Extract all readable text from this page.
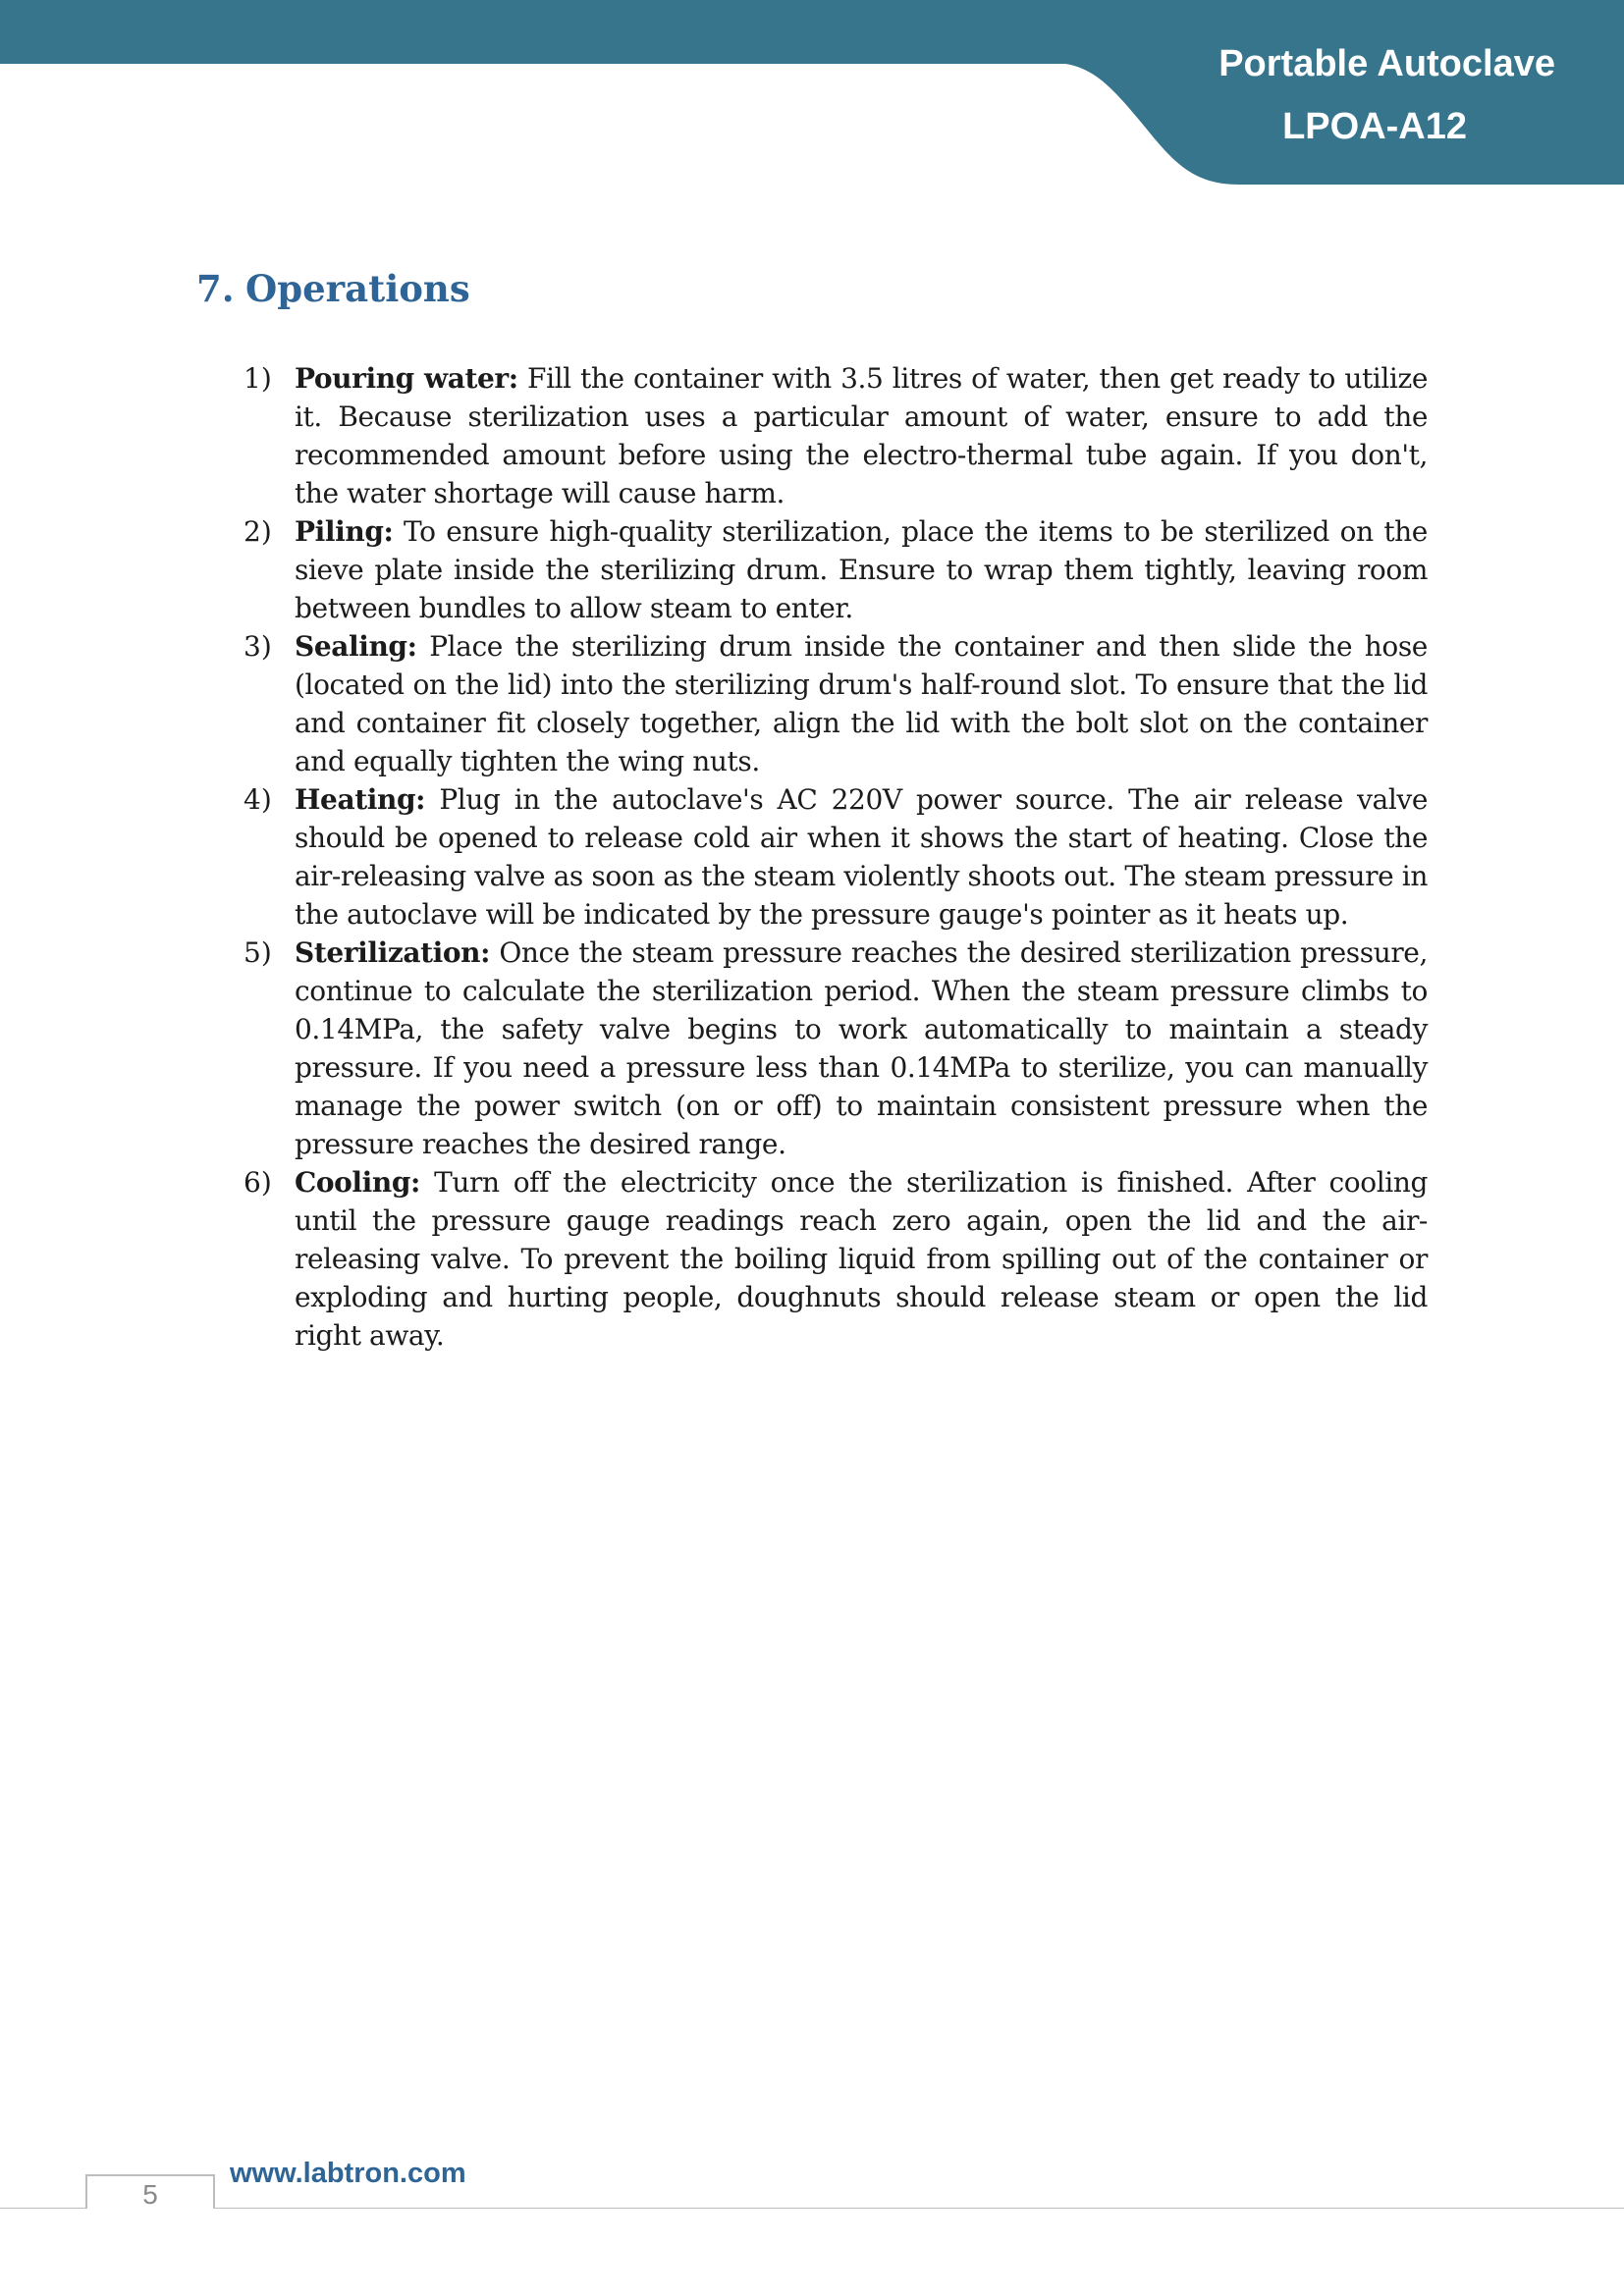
Portable Autoclave
LPOA-A12
7. Operations
1) Pouring water: Fill the container with 3.5 litres of water, then get ready to utilize it. Because sterilization uses a particular amount of water, ensure to add the recommended amount before using the electro-thermal tube again. If you don't, the water shortage will cause harm.
2) Piling: To ensure high-quality sterilization, place the items to be sterilized on the sieve plate inside the sterilizing drum. Ensure to wrap them tightly, leaving room between bundles to allow steam to enter.
3) Sealing: Place the sterilizing drum inside the container and then slide the hose (located on the lid) into the sterilizing drum's half-round slot. To ensure that the lid and container fit closely together, align the lid with the bolt slot on the container and equally tighten the wing nuts.
4) Heating: Plug in the autoclave's AC 220V power source. The air release valve should be opened to release cold air when it shows the start of heating. Close the air-releasing valve as soon as the steam violently shoots out. The steam pressure in the autoclave will be indicated by the pressure gauge's pointer as it heats up.
5) Sterilization: Once the steam pressure reaches the desired sterilization pressure, continue to calculate the sterilization period. When the steam pressure climbs to 0.14MPa, the safety valve begins to work automatically to maintain a steady pressure. If you need a pressure less than 0.14MPa to sterilize, you can manually manage the power switch (on or off) to maintain consistent pressure when the pressure reaches the desired range.
6) Cooling: Turn off the electricity once the sterilization is finished. After cooling until the pressure gauge readings reach zero again, open the lid and the air-releasing valve. To prevent the boiling liquid from spilling out of the container or exploding and hurting people, doughnuts should release steam or open the lid right away.
5
www.labtron.com
